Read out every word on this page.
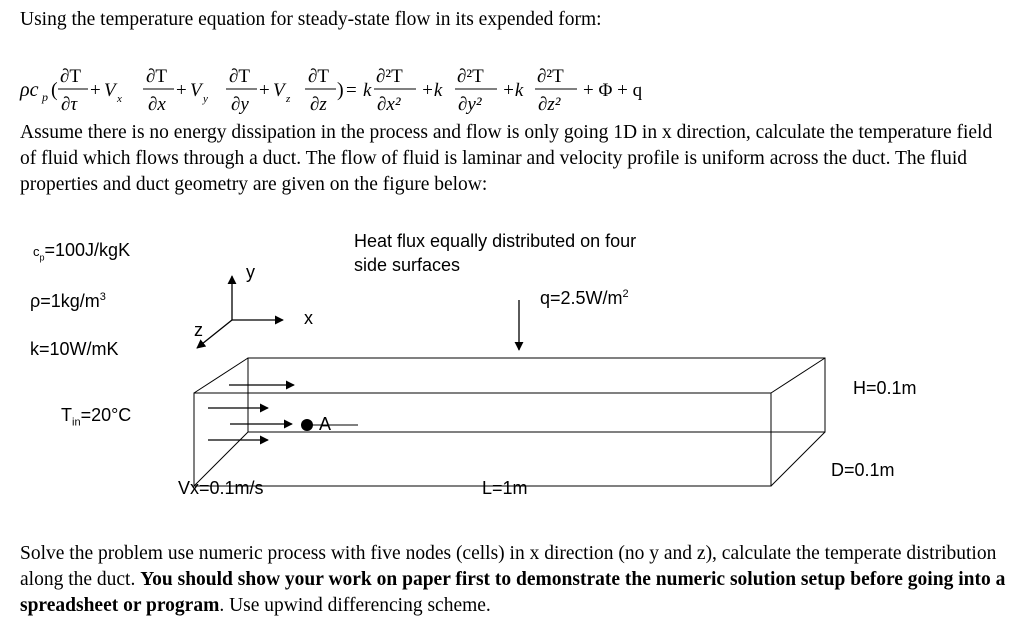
Using the temperature equation for steady-state flow in its expended form:
ρc p (
∂T
∂τ
+ V x
∂T
∂x
+ V y
∂T
∂y
+ V z
∂T
∂z
) = k
∂²T
∂x²
+k
∂²T
∂y²
+k
∂²T
∂z²
+ Φ + q
$c_p=100J$/kgK
$\rho=1kg/m^3$
k=10W/mK
$T_{in}=20^\circ C$
Heat flux equally distributed on four
side surfaces
$q=2.5W/m^2$
y
x
z
A
Vx=0.1m/s	L=1m
H=0.1m
D=0.1m
Assume there is no energy dissipation in the process and flow is only going 1D in x direction, calculate the temperature field of fluid which flows through a duct. The flow of fluid is laminar and velocity profile is uniform across the duct. The fluid properties and duct geometry are given on the figure below:
Solve the problem use numeric process with five nodes (cells) in x direction (no y and z), calculate the temperate distribution along the duct. You should show your work on paper first to demonstrate the numeric solution setup before going into a spreadsheet or program. Use upwind differencing scheme.
